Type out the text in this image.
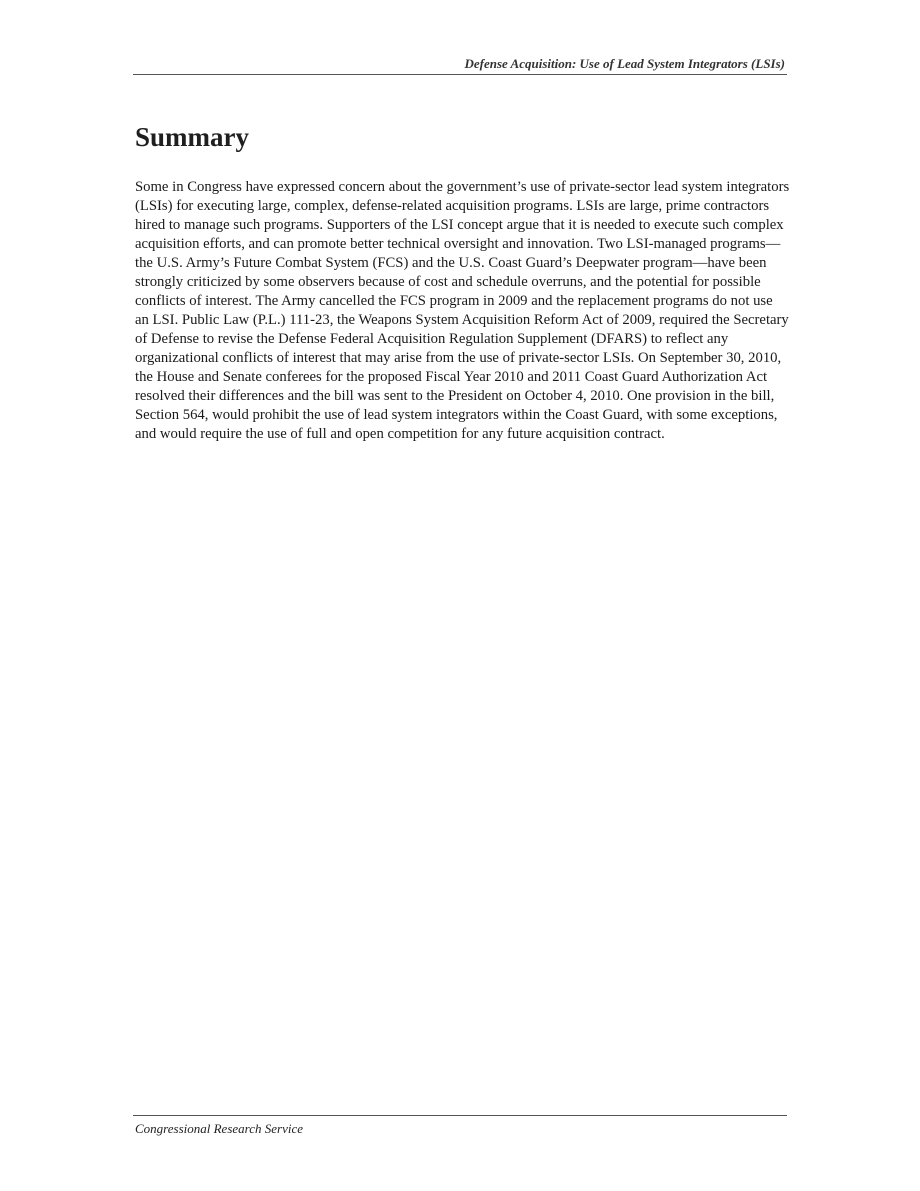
Defense Acquisition: Use of Lead System Integrators (LSIs)
Summary

Some in Congress have expressed concern about the government’s use of private-sector lead system integrators (LSIs) for executing large, complex, defense-related acquisition programs. LSIs are large, prime contractors hired to manage such programs. Supporters of the LSI concept argue that it is needed to execute such complex acquisition efforts, and can promote better technical oversight and innovation. Two LSI-managed programs—the U.S. Army’s Future Combat System (FCS) and the U.S. Coast Guard’s Deepwater program—have been strongly criticized by some observers because of cost and schedule overruns, and the potential for possible conflicts of interest. The Army cancelled the FCS program in 2009 and the replacement programs do not use an LSI. Public Law (P.L.) 111-23, the Weapons System Acquisition Reform Act of 2009, required the Secretary of Defense to revise the Defense Federal Acquisition Regulation Supplement (DFARS) to reflect any organizational conflicts of interest that may arise from the use of private-sector LSIs. On September 30, 2010, the House and Senate conferees for the proposed Fiscal Year 2010 and 2011 Coast Guard Authorization Act resolved their differences and the bill was sent to the President on October 4, 2010. One provision in the bill, Section 564, would prohibit the use of lead system integrators within the Coast Guard, with some exceptions, and would require the use of full and open competition for any future acquisition contract.

Congressional Research Service
